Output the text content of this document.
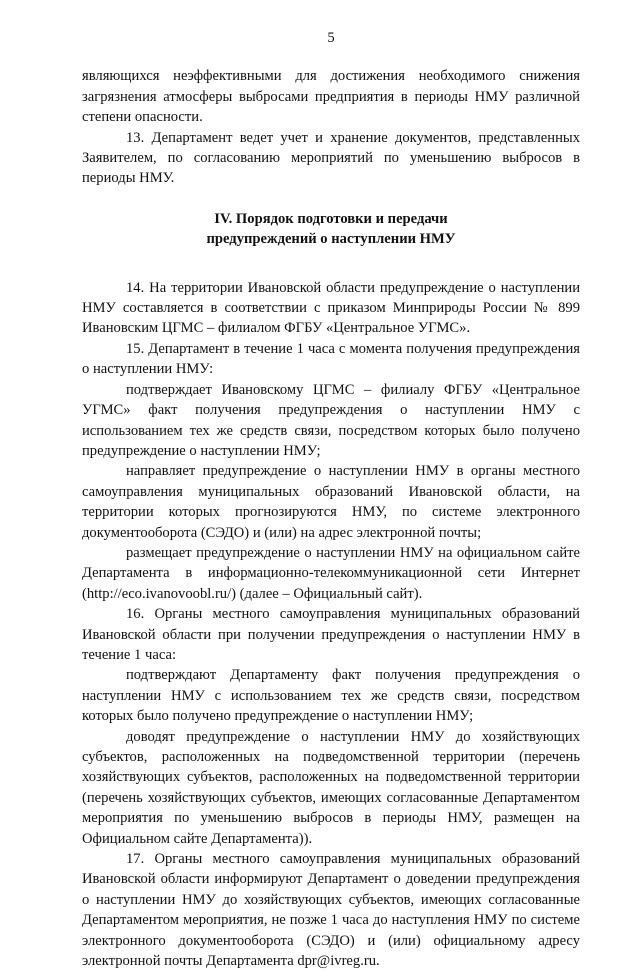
5

являющихся неэффективными для достижения необходимого снижения загрязнения атмосферы выбросами предприятия в периоды НМУ различной степени опасности.

13. Департамент ведет учет и хранение документов, представленных Заявителем, по согласованию мероприятий по уменьшению выбросов в периоды НМУ.

IV. Порядок подготовки и передачи
предупреждений о наступлении НМУ

14. На территории Ивановской области предупреждение о наступлении НМУ составляется в соответствии с приказом Минприроды России № 899 Ивановским ЦГМС – филиалом ФГБУ «Центральное УГМС».

15. Департамент в течение 1 часа с момента получения предупреждения о наступлении НМУ:

подтверждает Ивановскому ЦГМС – филиалу ФГБУ «Центральное УГМС» факт получения предупреждения о наступлении НМУ с использованием тех же средств связи, посредством которых было получено предупреждение о наступлении НМУ;

направляет предупреждение о наступлении НМУ в органы местного самоуправления муниципальных образований Ивановской области, на территории которых прогнозируются НМУ, по системе электронного документооборота (СЭДО) и (или) на адрес электронной почты;

размещает предупреждение о наступлении НМУ на официальном сайте Департамента в информационно-телекоммуникационной сети Интернет (http://eco.ivanovoobl.ru/) (далее – Официальный сайт).

16. Органы местного самоуправления муниципальных образований Ивановской области при получении предупреждения о наступлении НМУ в течение 1 часа:

подтверждают Департаменту факт получения предупреждения о наступлении НМУ с использованием тех же средств связи, посредством которых было получено предупреждение о наступлении НМУ;

доводят предупреждение о наступлении НМУ до хозяйствующих субъектов, расположенных на подведомственной территории (перечень хозяйствующих субъектов, расположенных на подведомственной территории (перечень хозяйствующих субъектов, имеющих согласованные Департаментом мероприятия по уменьшению выбросов в периоды НМУ, размещен на Официальном сайте Департамента)).

17. Органы местного самоуправления муниципальных образований Ивановской области информируют Департамент о доведении предупреждения о наступлении НМУ до хозяйствующих субъектов, имеющих согласованные Департаментом мероприятия, не позже 1 часа до наступления НМУ по системе электронного документооборота (СЭДО) и (или) официальному адресу электронной почты Департамента dpr@ivreg.ru.
